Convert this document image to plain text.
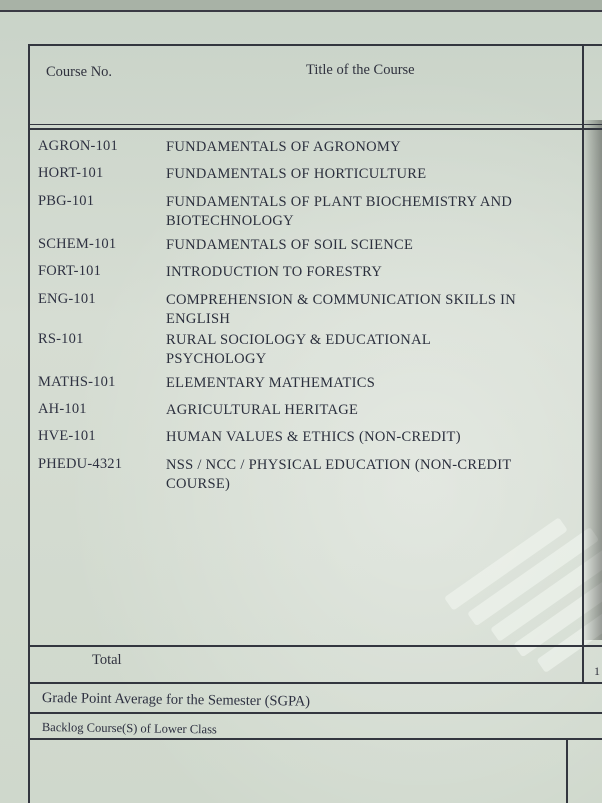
Course No.	Title of the Course
AGRON-101	FUNDAMENTALS OF AGRONOMY
HORT-101	FUNDAMENTALS OF HORTICULTURE
PBG-101	FUNDAMENTALS OF PLANT BIOCHEMISTRY AND BIOTECHNOLOGY
SCHEM-101	FUNDAMENTALS OF SOIL SCIENCE
FORT-101	INTRODUCTION TO FORESTRY
ENG-101	COMPREHENSION & COMMUNICATION SKILLS IN ENGLISH
RS-101	RURAL SOCIOLOGY & EDUCATIONAL PSYCHOLOGY
MATHS-101	ELEMENTARY MATHEMATICS
AH-101	AGRICULTURAL HERITAGE
HVE-101	HUMAN VALUES & ETHICS (NON-CREDIT)
PHEDU-4321	NSS / NCC / PHYSICAL EDUCATION (NON-CREDIT COURSE)
Total
1
Grade Point Average for the Semester (SGPA)
Backlog Course(S) of Lower Class
